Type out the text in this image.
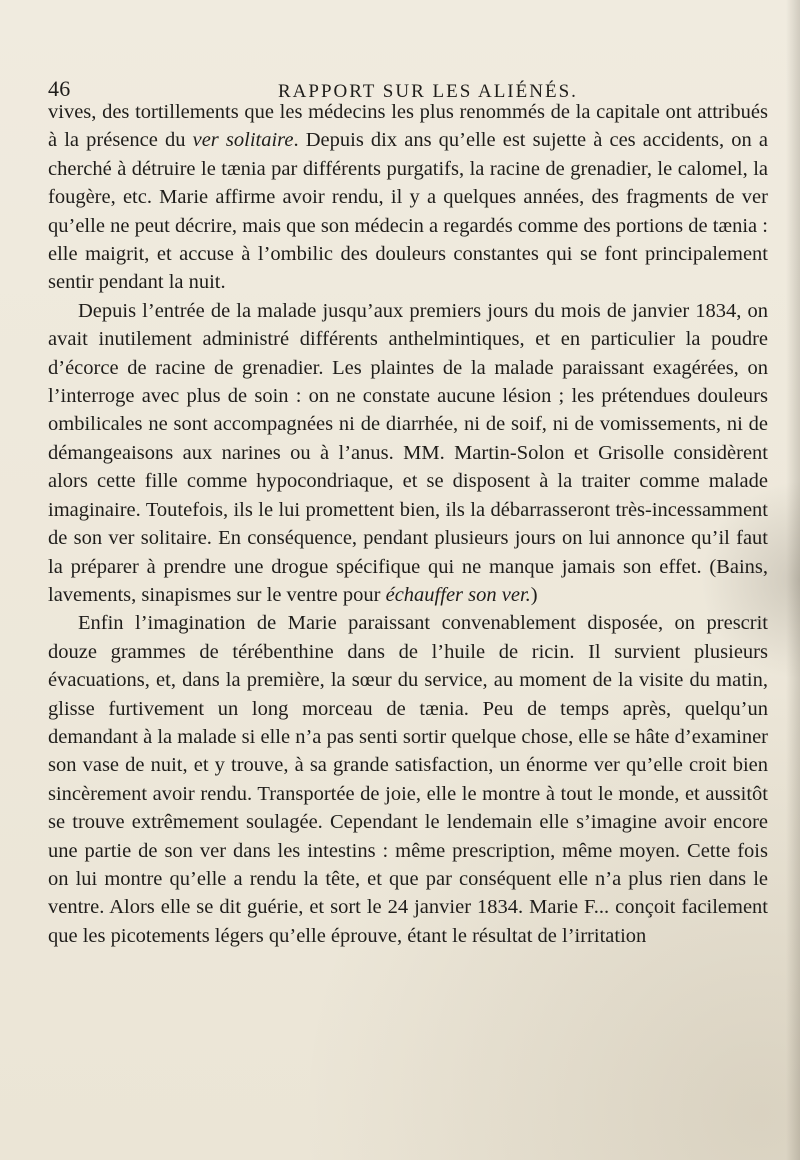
46	RAPPORT SUR LES ALIÉNÉS.

vives, des tortillements que les médecins les plus renommés de la capitale ont attribués à la présence du ver solitaire. Depuis dix ans qu’elle est sujette à ces accidents, on a cherché à détruire le tænia par différents purgatifs, la racine de grenadier, le calomel, la fougère, etc. Marie affirme avoir rendu, il y a quelques années, des fragments de ver qu’elle ne peut décrire, mais que son médecin a regardés comme des portions de tænia : elle maigrit, et accuse à l’ombilic des douleurs constantes qui se font principalement sentir pendant la nuit.

Depuis l’entrée de la malade jusqu’aux premiers jours du mois de janvier 1834, on avait inutilement administré différents anthelmintiques, et en particulier la poudre d’écorce de racine de grenadier. Les plaintes de la malade paraissant exagérées, on l’interroge avec plus de soin : on ne constate aucune lésion ; les prétendues douleurs ombilicales ne sont accompagnées ni de diarrhée, ni de soif, ni de vomissements, ni de démangeaisons aux narines ou à l’anus. MM. Martin-Solon et Grisolle considèrent alors cette fille comme hypocondriaque, et se disposent à la traiter comme malade imaginaire. Toutefois, ils le lui promettent bien, ils la débarrasseront très-incessamment de son ver solitaire. En conséquence, pendant plusieurs jours on lui annonce qu’il faut la préparer à prendre une drogue spécifique qui ne manque jamais son effet. (Bains, lavements, sinapismes sur le ventre pour échauffer son ver.)

Enfin l’imagination de Marie paraissant convenablement disposée, on prescrit douze grammes de térébenthine dans de l’huile de ricin. Il survient plusieurs évacuations, et, dans la première, la sœur du service, au moment de la visite du matin, glisse furtivement un long morceau de tænia. Peu de temps après, quelqu’un demandant à la malade si elle n’a pas senti sortir quelque chose, elle se hâte d’examiner son vase de nuit, et y trouve, à sa grande satisfaction, un énorme ver qu’elle croit bien sincèrement avoir rendu. Transportée de joie, elle le montre à tout le monde, et aussitôt se trouve extrêmement soulagée. Cependant le lendemain elle s’imagine avoir encore une partie de son ver dans les intestins : même prescription, même moyen. Cette fois on lui montre qu’elle a rendu la tête, et que par conséquent elle n’a plus rien dans le ventre. Alors elle se dit guérie, et sort le 24 janvier 1834. Marie F... conçoit facilement que les picotements légers qu’elle éprouve, étant le résultat de l’irritation
